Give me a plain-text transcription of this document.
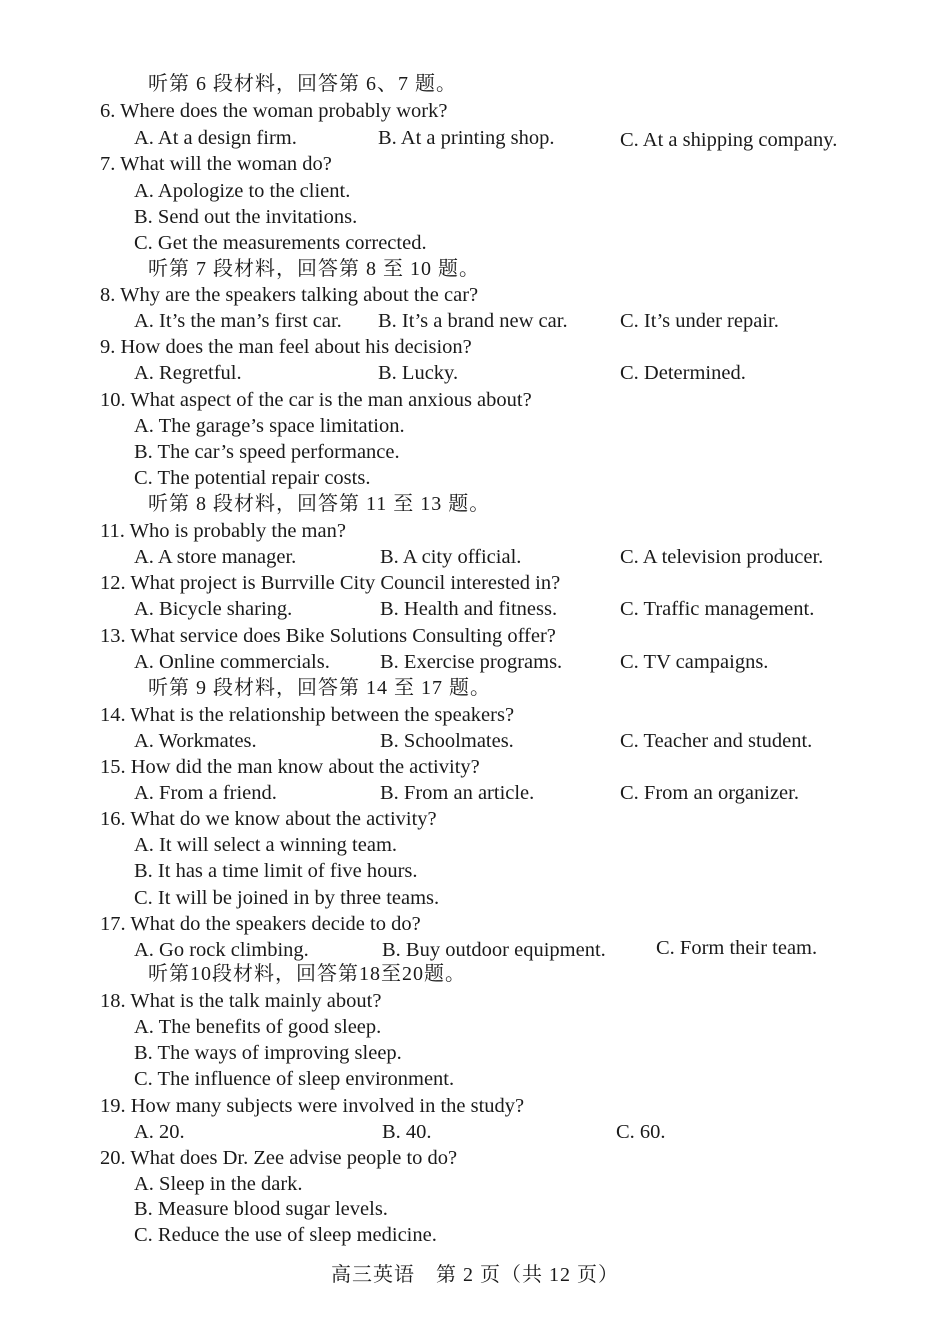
听第 6 段材料，回答第 6、7 题。
6. Where does the woman probably work?
A. At a design firm.	B. At a printing shop.	C. At a shipping company.
7. What will the woman do?
A. Apologize to the client.
B. Send out the invitations.
C. Get the measurements corrected.
听第 7 段材料，回答第 8 至 10 题。
8. Why are the speakers talking about the car?
A. It’s the man’s first car. B. It’s a brand new car.	C. It’s under repair.
9. How does the man feel about his decision?
A. Regretful.	B. Lucky.	C. Determined.
10. What aspect of the car is the man anxious about?
A. The garage’s space limitation.
B. The car’s speed performance.
C. The potential repair costs.
听第 8 段材料，回答第 11 至 13 题。
11. Who is probably the man?
A. A store manager.	B. A city official.	C. A television producer.
12. What project is Burrville City Council interested in?
A. Bicycle sharing.	B. Health and fitness.	C. Traffic management.
13. What service does Bike Solutions Consulting offer?
A. Online commercials. B. Exercise programs.	C. TV campaigns.
听第 9 段材料，回答第 14 至 17 题。
14. What is the relationship between the speakers?
A. Workmates.	B. Schoolmates.	C. Teacher and student.
15. How did the man know about the activity?
A. From a friend.	B. From an article.	C. From an organizer.
16. What do we know about the activity?
A. It will select a winning team.
B. It has a time limit of five hours.
C. It will be joined in by three teams.
17. What do the speakers decide to do?
A. Go rock climbing.	B. Buy outdoor equipment. C. Form their team.
听第10段材料，回答第18至20题。
18. What is the talk mainly about?
A. The benefits of good sleep.
B. The ways of improving sleep.
C. The influence of sleep environment.
19. How many subjects were involved in the study?
A. 20.	B. 40.	C. 60.
20. What does Dr. Zee advise people to do?
A. Sleep in the dark.
B. Measure blood sugar levels.
C. Reduce the use of sleep medicine.
高三英语　第 2 页（共 12 页）
